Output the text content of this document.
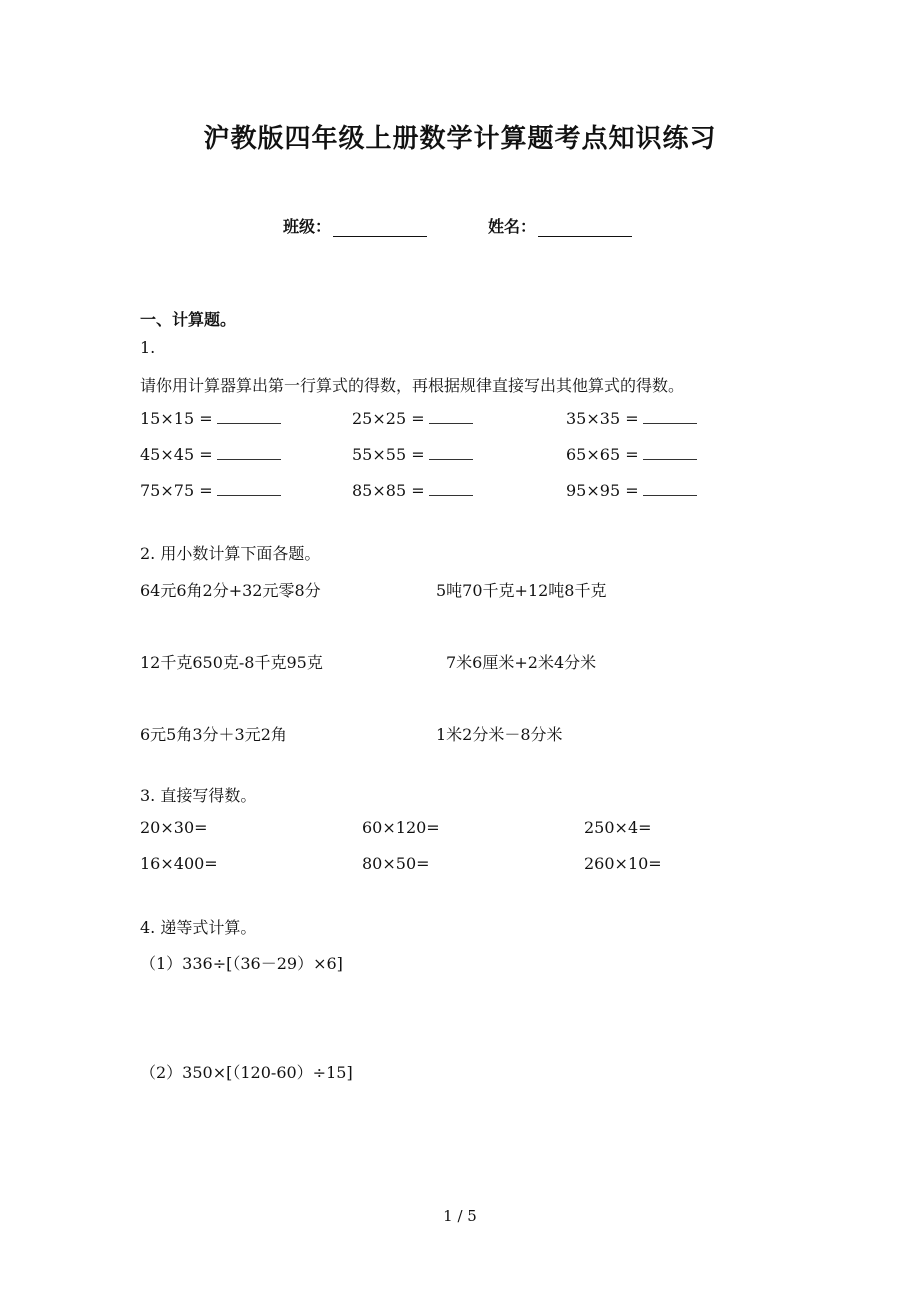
沪教版四年级上册数学计算题考点知识练习
班级：	姓名：
一、计算题。
1.
请你用计算器算出第一行算式的得数，再根据规律直接写出其他算式的得数。
15×15 =	25×25 =	35×35 =
45×45 =	55×55 =	65×65 =
75×75 =	85×85 =	95×95 =
2. 用小数计算下面各题。
64元6角2分+32元零8分	5吨70千克+12吨8千克
12千克650克-8千克95克	7米6厘米+2米4分米
6元5角3分＋3元2角	1米2分米－8分米
3. 直接写得数。
20×30=	60×120=	250×4=
16×400=	80×50=	260×10=
4. 递等式计算。
（1）336÷[（36－29）×6]
（2）350×[（120-60）÷15]
1 / 5
